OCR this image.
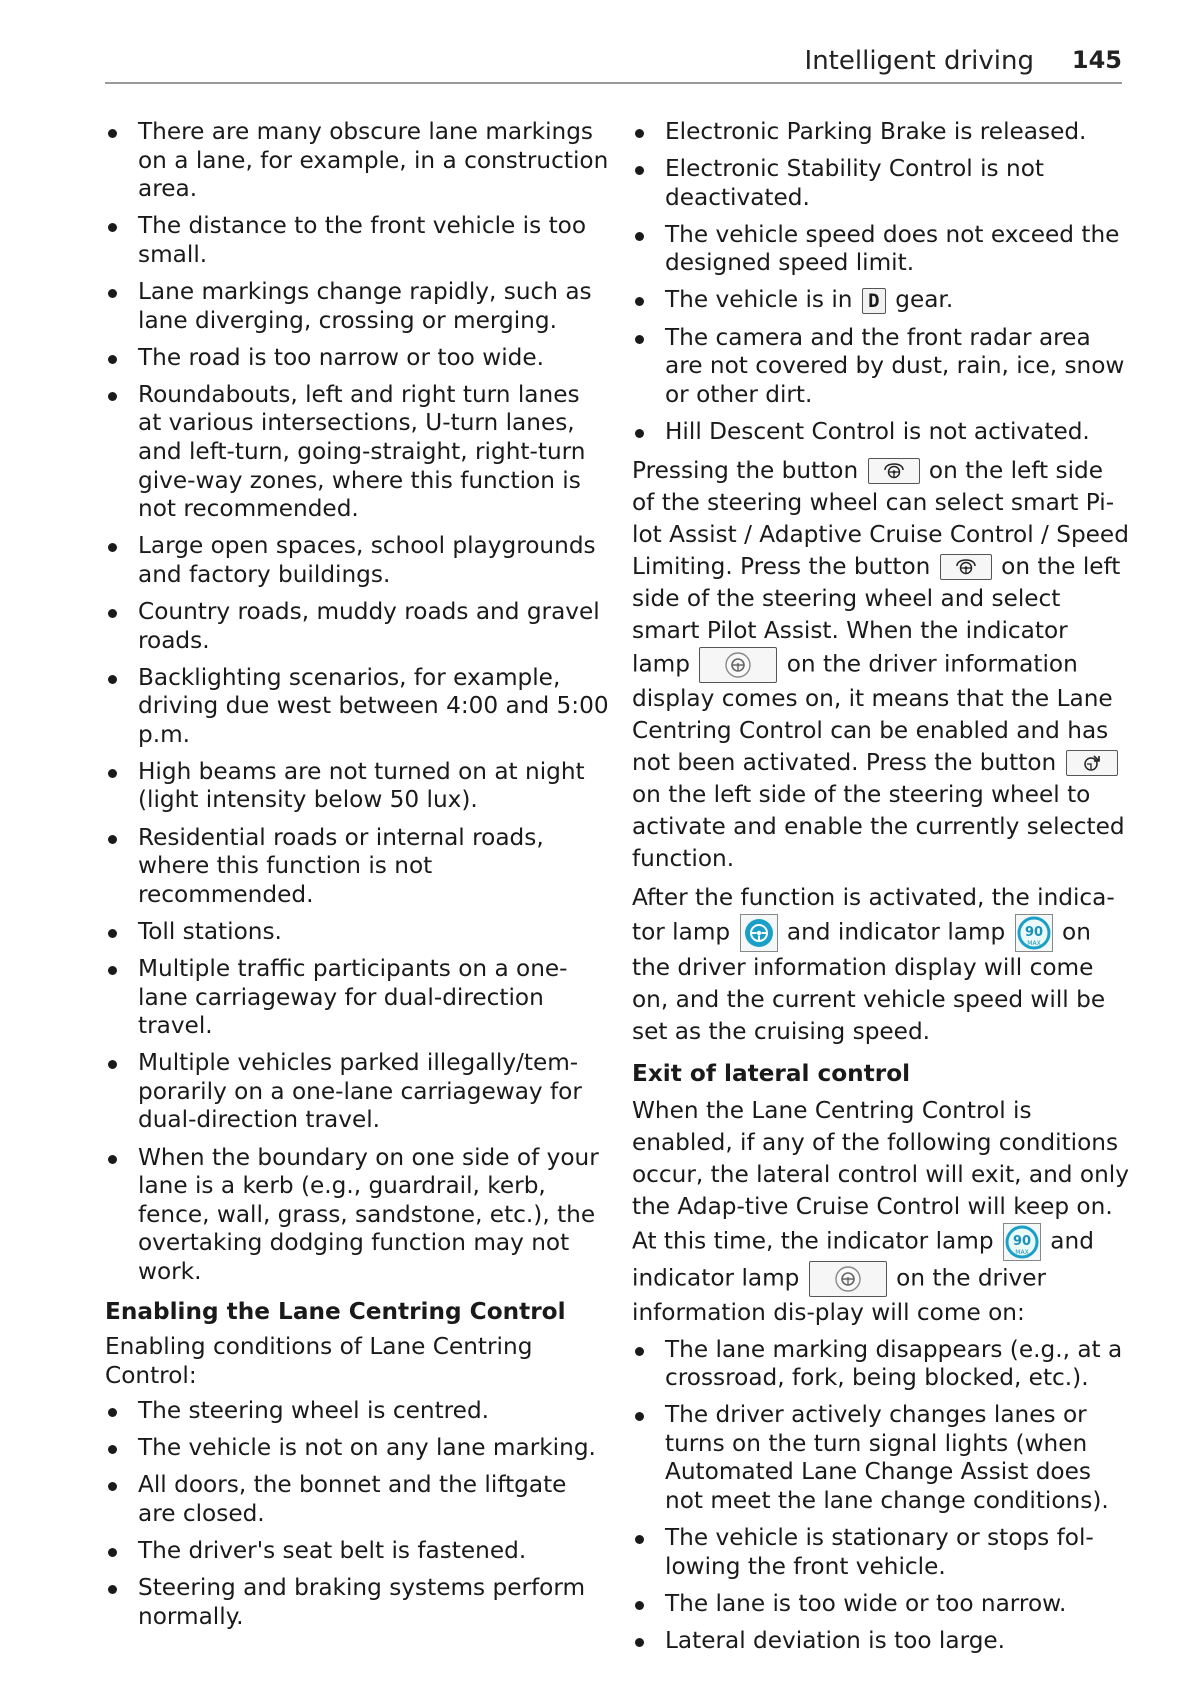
Intelligent driving 145
There are many obscure lane markings on a lane, for example, in a construction area.
The distance to the front vehicle is too small.
Lane markings change rapidly, such as lane diverging, crossing or merging.
The road is too narrow or too wide.
Roundabouts, left and right turn lanes at various intersections, U-turn lanes, and left-turn, going-straight, right-turn give-way zones, where this function is not recommended.
Large open spaces, school playgrounds and factory buildings.
Country roads, muddy roads and gravel roads.
Backlighting scenarios, for example, driving due west between 4:00 and 5:00 p.m.
High beams are not turned on at night (light intensity below 50 lux).
Residential roads or internal roads, where this function is not recommended.
Toll stations.
Multiple traffic participants on a one-lane carriageway for dual-direction travel.
Multiple vehicles parked illegally/tem-porarily on a one-lane carriageway for dual-direction travel.
When the boundary on one side of your lane is a kerb (e.g., guardrail, kerb, fence, wall, grass, sandstone, etc.), the overtaking dodging function may not work.
Enabling the Lane Centring Control

Enabling conditions of Lane Centring Control:

The steering wheel is centred.
The vehicle is not on any lane marking.
All doors, the bonnet and the liftgate are closed.
The driver's seat belt is fastened.
Steering and braking systems perform normally.
Electronic Parking Brake is released.
Electronic Stability Control is not deactivated.
The vehicle speed does not exceed the designed speed limit.
The vehicle is in D gear.
The camera and the front radar area are not covered by dust, rain, ice, snow or other dirt.
Hill Descent Control is not activated.

Pressing the button	on the left side of the steering wheel can select smart Pi-lot Assist / Adaptive Cruise Control / Speed Limiting. Press the button	on the left side of the steering wheel and select smart Pilot Assist. When the indicator lamp	on the driver information display comes on, it means that the Lane Centring Control can be enabled and has not been activated. Press the button
on the left side of the steering wheel to activate and enable the currently selected function.

After the function is activated, the indica-tor lamp and indicator lamp 90
MAX on the driver information display will come on, and the current vehicle speed will be set as the cruising speed.

Exit of lateral control

When the Lane Centring Control is enabled, if any of the following conditions occur, the lateral control will exit, and only the Adap-tive Cruise Control will keep on. At this time, the indicator lamp 90
MAX and indicator lamp	on the driver information dis-play will come on:

The lane marking disappears (e.g., at a crossroad, fork, being blocked, etc.).
The driver actively changes lanes or turns on the turn signal lights (when Automated Lane Change Assist does not meet the lane change conditions).
The vehicle is stationary or stops fol-lowing the front vehicle.
The lane is too wide or too narrow.
Lateral deviation is too large.
